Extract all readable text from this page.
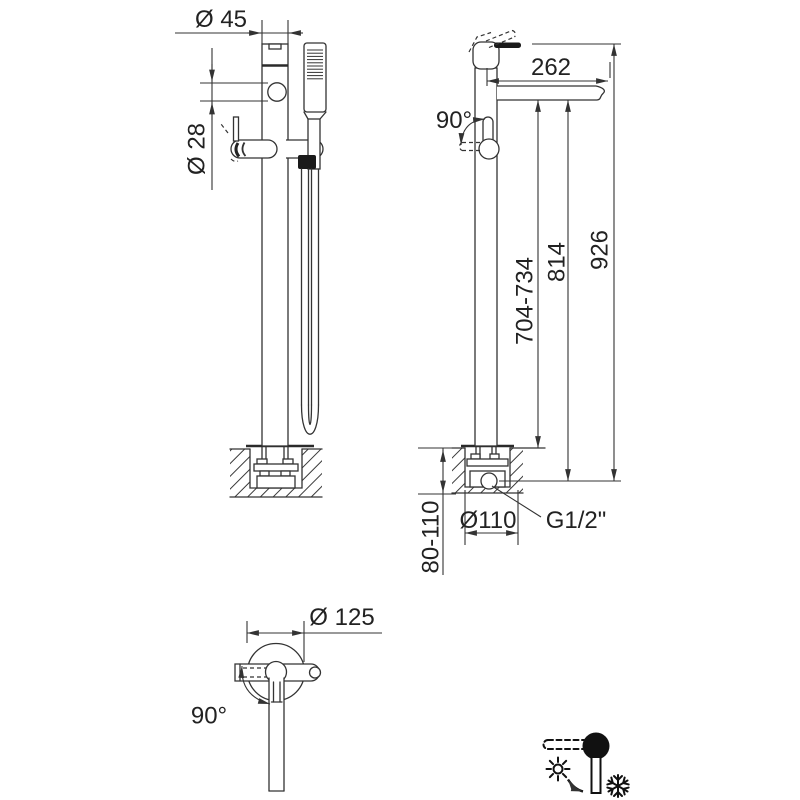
Ø 45
Ø 28
90°
262
704-734 814 926
80-110 Ø110 G1/2"
90°
Ø 125
